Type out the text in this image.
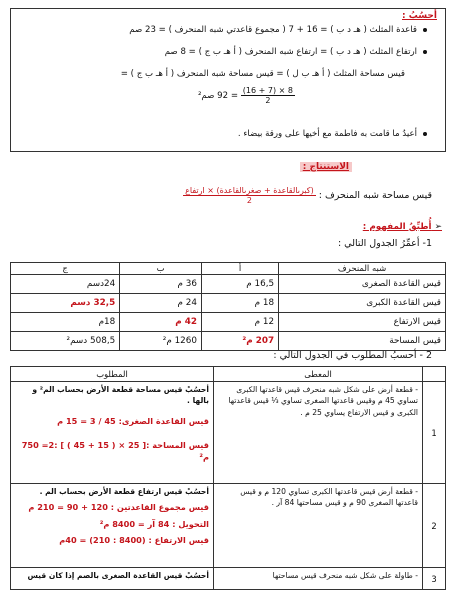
أحسُبُ :
قاعدة المثلث ( هـ د ب ) = 16 + 7 ( مجموع قاعدتي شبه المنحرف ) = 23 صم
ارتفاع المثلث ( هـ د ب ) = ارتفاع شبه المنحرف ( أ هـ ب ج ) = 8 صم
قيس مساحة المثلث ( أ هـ ب ل ) = قيس مساحة شبه المنحرف ( أ هـ ب ج ) =
$\frac{8 \times (7 + 16)}{2}$
= 92 صم²
أعيدُ ما قامت به فاطمة مع أخيها على ورقة بيضاء .
الاستنتاج :
قيس مساحة شبه المنحرف :
$\frac{\text{(كبرىالقاعدة + صغرىالقاعدة) × ارتفاع}}{2}$
➢ أُطبِّقُ المفهوم :
1- أعمِّرُ الجدول التالي :
شبه المنحرف	أ	ب	ج
قيس القاعدة الصغرى	16,5 م	36 م	24دسم
قيس القاعدة الكبرى	18 م	24 م	32,5 دسم
قيس الارتفاع	12 م	42 م	18م
قيس المساحة	207 م²	1260 م²	508,5 دسم²
2 - أحسبُ المطلوب في الجدول التالي :
	المعطى	المطلوب
1	- قطعة أرض على شكل شبه منحرف قيس قاعدتها الكبرى تساوي 45 م وقيس قاعدتها الصغرى تساوي ⅓ قيس قاعدتها الكبرى و قيس الارتفاع يساوي 25 م .	أحسُبْ قيس مساحة قطعة الأرض بحساب الم² و بالها .
قيس القاعدة الصغرى: 45 / 3 = 15 م
قيس المساحة :[ 25 × ( 15 + 45 ) ] :2= 750 م²

2	- قطعة أرض قيس قاعدتها الكبرى تساوي 120 م و قيس قاعدتها الصغرى 90 م و قيس مساحتها 84 آر .	أحسُبْ قيس ارتفاع قطعة الأرض بحساب الم .
قيس مجموع القاعدتين : 120 + 90 = 210 م
التحويل : 84 آر = 8400 م²
قيس الارتفاع : (8400 : 210) = 40م

3	- طاولة على شكل شبه منحرف قيس مساحتها	أحسُبْ قيس القاعدة الصغرى بالصم إذا كان قيس
